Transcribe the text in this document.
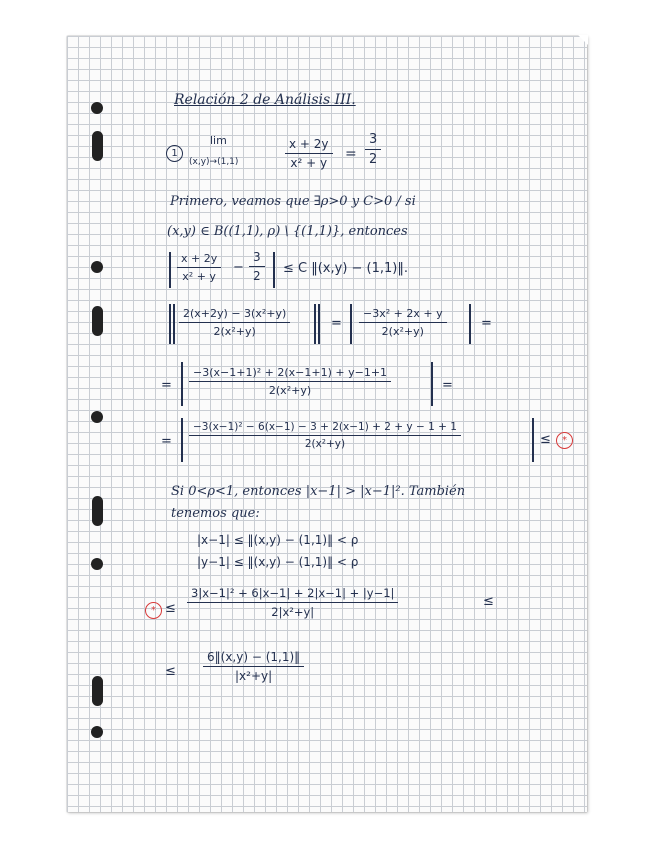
Relación 2 de Análisis III.
1
lim
(x,y)→(1,1)	$\frac{x + 2y}{\text{x² + y}} = \frac{3}{2}$
Primero, veamos que ∃ρ>0 y C>0 / si
(x,y) ∈ B((1,1), ρ) \ {(1,1)}, entonces
$\frac{x + 2y}{\text{x² + y}} - \frac{3}{2} \le C$ ‖(x,y) − (1,1)‖.
$\frac{\text{2(x+2y) − 3(x²+y)}}{\text{2(x²+y)}}$	= $\frac{\text{−3x² + 2x + y}}{\text{2(x²+y)}}$	=
= $\frac{\text{−3(x−1+1)² + 2(x−1+1) + y−1+1}}{\text{2(x²+y)}}$	=
= $\frac{\text{−3(x−1)² − 6(x−1) − 3 + 2(x−1) + 2 + y − 1 + 1}}{\text{2(x²+y)}}$	≤	*
Si 0<ρ<1, entonces |x−1| > |x−1|². También
tenemos que:
|x−1| ≤ ‖(x,y) − (1,1)‖ < ρ
|y−1| ≤ ‖(x,y) − (1,1)‖ < ρ
* ≤ $\frac{\text{3|x−1|² + 6|x−1| + 2|x−1| + |y−1|}}{\text{2|x²+y|}}$	≤
≤ $\frac{6‖(x,y) - (1,1)‖}{\text{|x²+y|}}$
